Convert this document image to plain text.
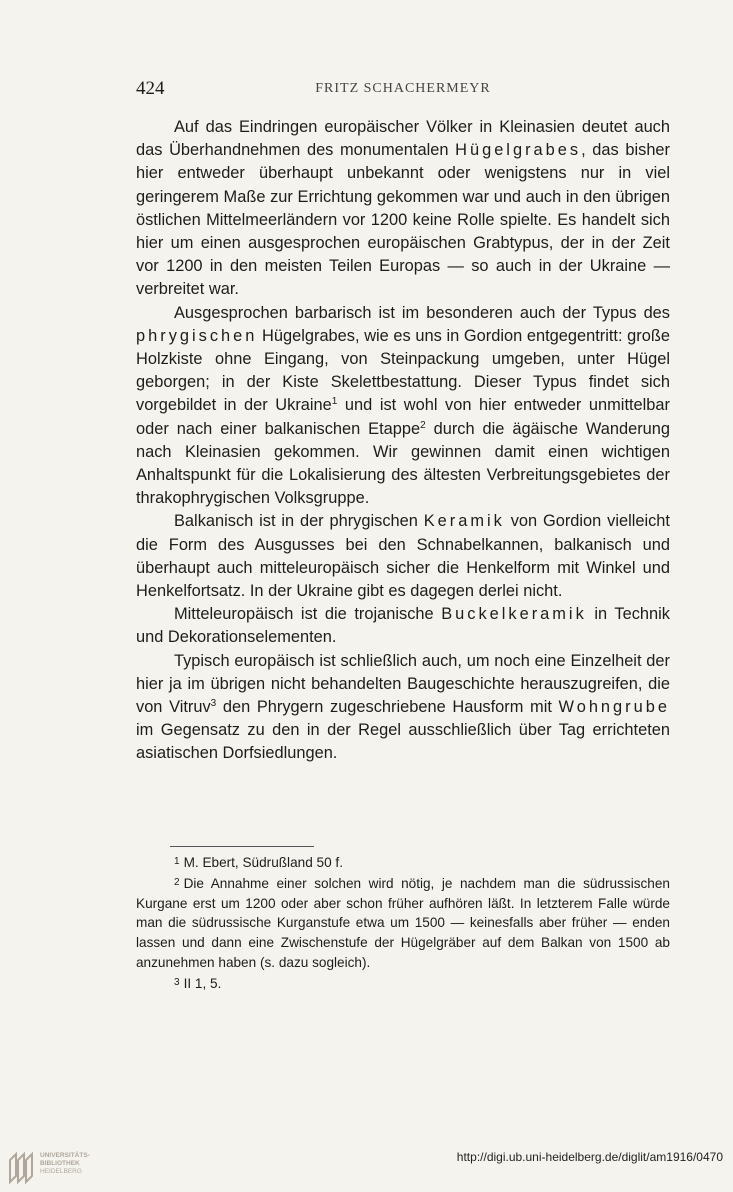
424	FRITZ SCHACHERMEYR

Auf das Eindringen europäischer Völker in Kleinasien deutet auch das Überhandnehmen des monumentalen Hügelgrabes, das bisher hier entweder überhaupt unbekannt oder wenigstens nur in viel geringerem Maße zur Errichtung gekommen war und auch in den übrigen östlichen Mittelmeerländern vor 1200 keine Rolle spielte. Es handelt sich hier um einen ausgesprochen europäischen Grabtypus, der in der Zeit vor 1200 in den meisten Teilen Europas — so auch in der Ukraine — verbreitet war.

Ausgesprochen barbarisch ist im besonderen auch der Typus des phrygischen Hügelgrabes, wie es uns in Gordion entgegentritt: große Holzkiste ohne Eingang, von Steinpackung umgeben, unter Hügel geborgen; in der Kiste Skelettbestattung. Dieser Typus findet sich vorgebildet in der Ukraine$^1$ und ist wohl von hier entweder unmittelbar oder nach einer balkanischen Etappe$^2$ durch die ägäische Wanderung nach Kleinasien gekommen. Wir gewinnen damit einen wichtigen Anhaltspunkt für die Lokalisierung des ältesten Verbreitungsgebietes der thrakophrygischen Volksgruppe.

Balkanisch ist in der phrygischen Keramik von Gordion vielleicht die Form des Ausgusses bei den Schnabelkannen, balkanisch und überhaupt auch mitteleuropäisch sicher die Henkelform mit Winkel und Henkelfortsatz. In der Ukraine gibt es dagegen derlei nicht.

Mitteleuropäisch ist die trojanische Buckelkeramik in Technik und Dekorationselementen.

Typisch europäisch ist schließlich auch, um noch eine Einzelheit der hier ja im übrigen nicht behandelten Baugeschichte herauszugreifen, die von Vitruv$^3$ den Phrygern zugeschriebene Hausform mit Wohngrube im Gegensatz zu den in der Regel ausschließlich über Tag errichteten asiatischen Dorfsiedlungen.

$^1$ M. Ebert, Südrußland 50 f.

$^2$ Die Annahme einer solchen wird nötig, je nachdem man die südrussischen Kurgane erst um 1200 oder aber schon früher aufhören läßt. In letzterem Falle würde man die südrussische Kurganstufe etwa um 1500 — keinesfalls aber früher — enden lassen und dann eine Zwischenstufe der Hügelgräber auf dem Balkan von 1500 ab anzunehmen haben (s. dazu sogleich).

$^3$ II 1, 5.

UNIVERSITÄTS-
BIBLIOTHEK
HEIDELBERG
http://digi.ub.uni-heidelberg.de/diglit/am1916/0470
